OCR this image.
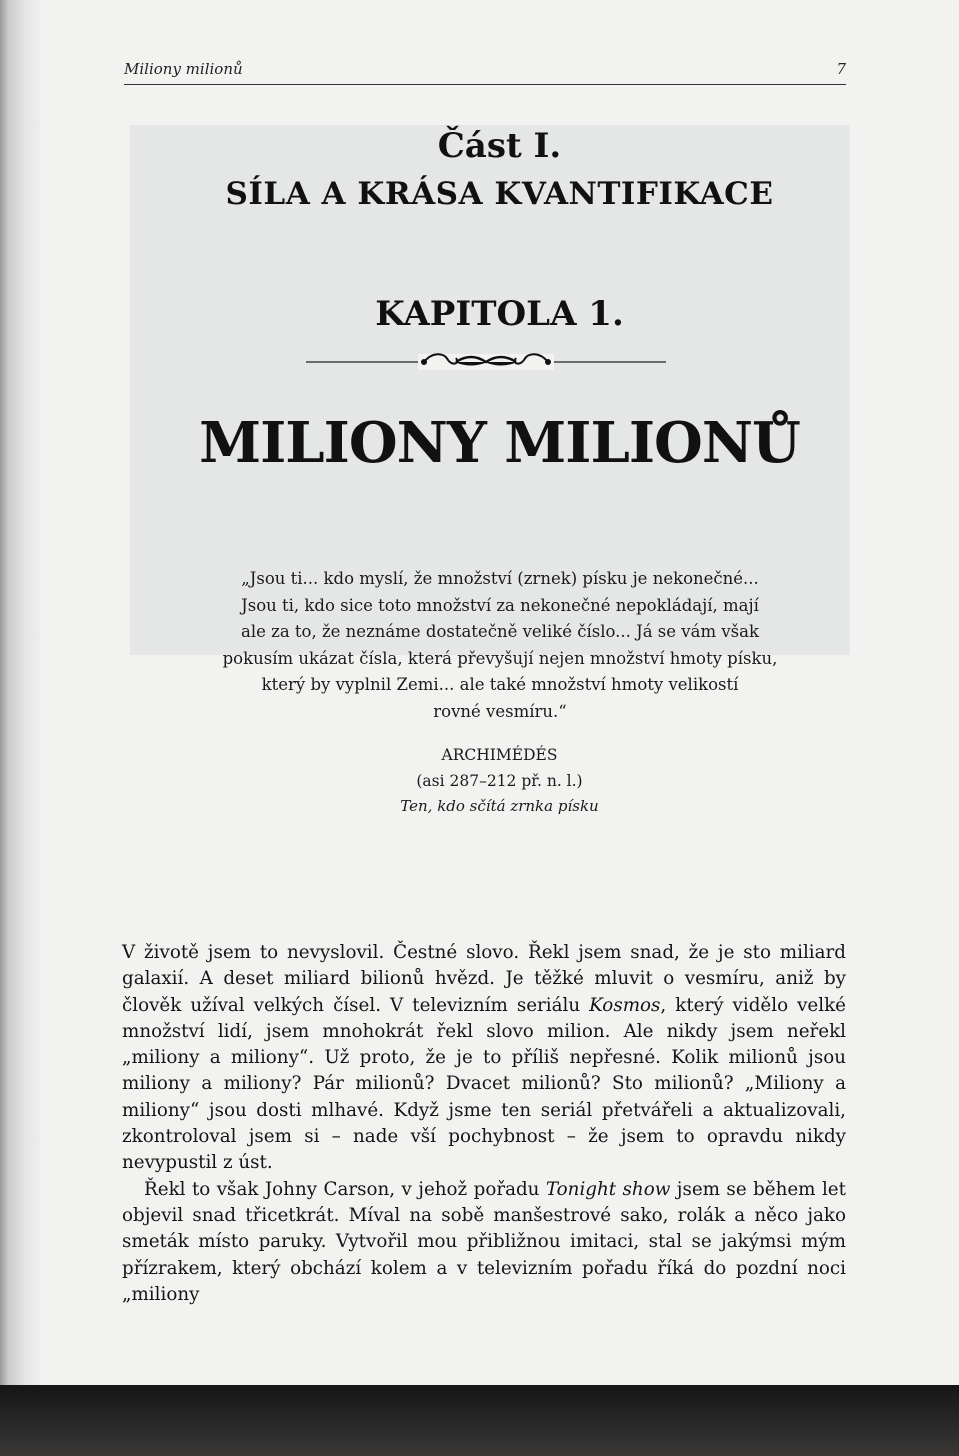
Miliony milionů	7
Část I.
SÍLA A KRÁSA KVANTIFIKACE
KAPITOLA 1.
MILIONY MILIONŮ
„Jsou ti... kdo myslí, že množství (zrnek) písku je nekonečné...
Jsou ti, kdo sice toto množství za nekonečné nepokládají, mají
ale za to, že neznáme dostatečně veliké číslo... Já se vám však
pokusím ukázat čísla, která převyšují nejen množství hmoty písku,
který by vyplnil Zemi... ale také množství hmoty velikostí
rovné vesmíru.“
ARCHIMÉDÉS
(asi 287–212 př. n. l.)
Ten, kdo sčítá zrnka písku

V životě jsem to nevyslovil. Čestné slovo. Řekl jsem snad, že je sto miliard galaxií. A deset miliard bilionů hvězd. Je těžké mluvit o vesmíru, aniž by člověk užíval velkých čísel. V televizním seriálu Kosmos, který vidělo velké množství lidí, jsem mnohokrát řekl slovo milion. Ale nikdy jsem neřekl „miliony a miliony“. Už proto, že je to příliš nepřesné. Kolik milionů jsou miliony a miliony? Pár milionů? Dvacet milionů? Sto milionů? „Miliony a miliony“ jsou dosti mlhavé. Když jsme ten seriál přetvářeli a aktualizovali, zkontroloval jsem si – nade vší pochybnost – že jsem to opravdu nikdy nevypustil z úst.

Řekl to však Johny Carson, v jehož pořadu Tonight show jsem se během let objevil snad třicetkrát. Míval na sobě manšestrové sako, rolák a něco jako smeták místo paruky. Vytvořil mou přibližnou imitaci, stal se jakýmsi mým přízrakem, který obchází kolem a v televizním pořadu říká do pozdní noci „miliony
